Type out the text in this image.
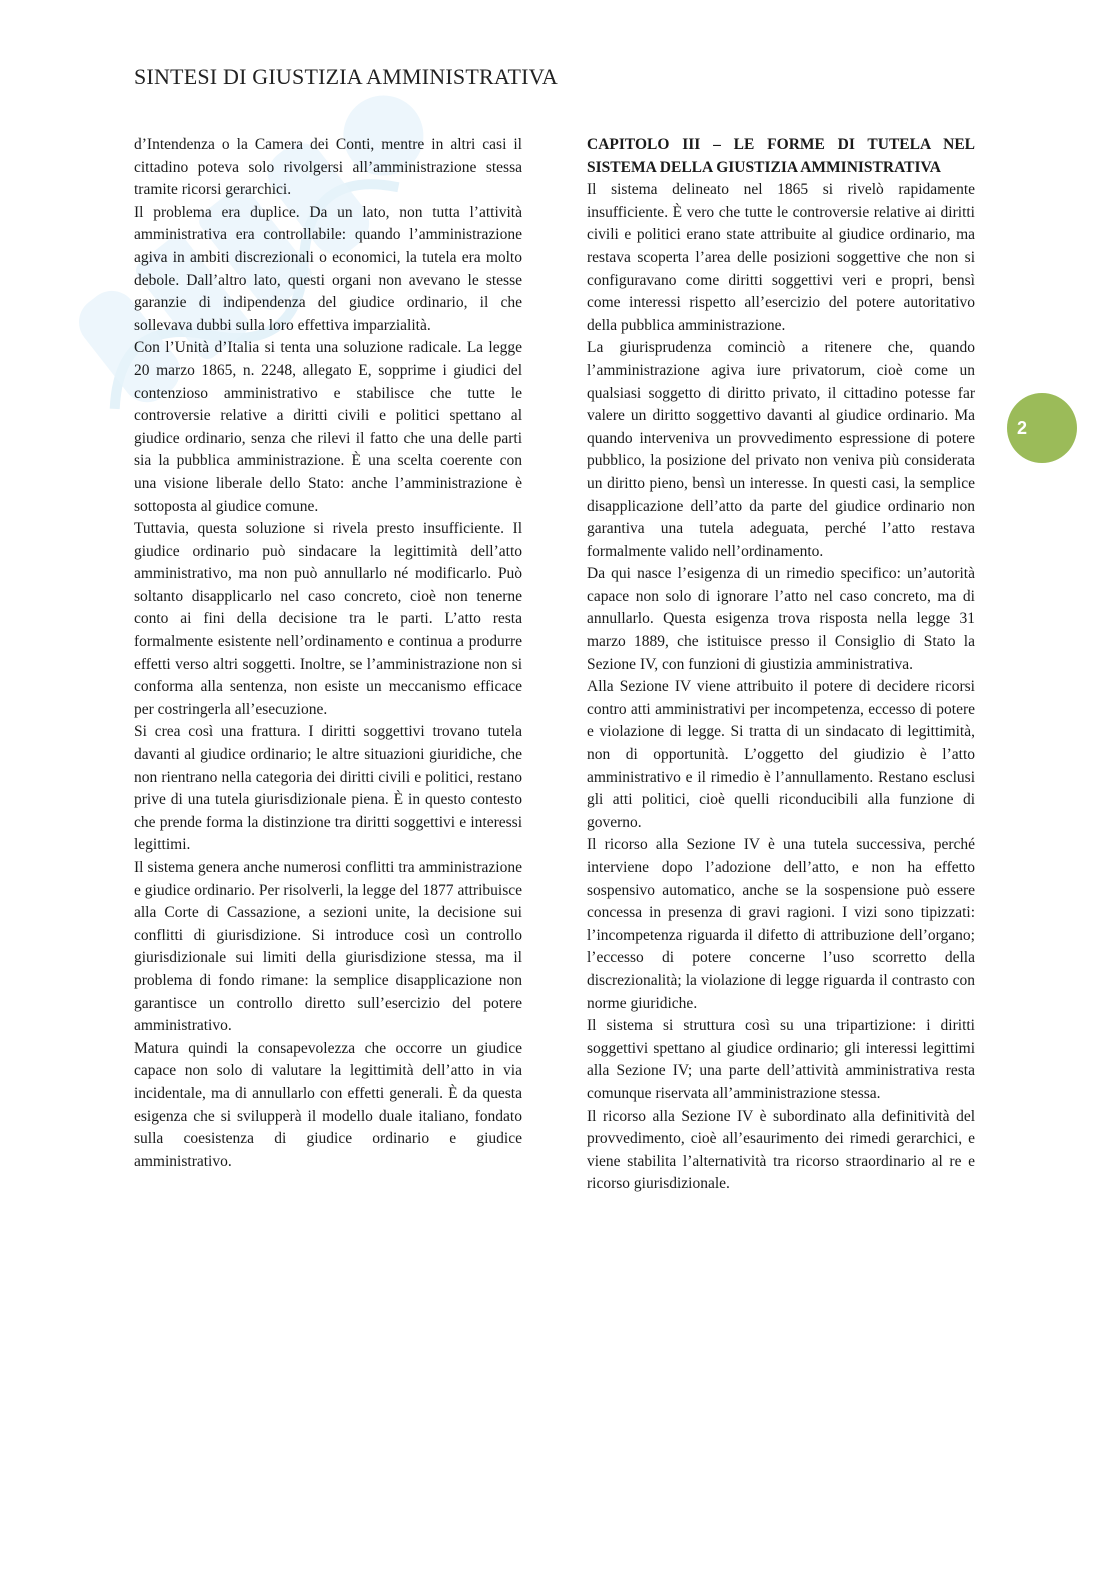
SINTESI DI GIUSTIZIA AMMINISTRATIVA

d’Intendenza o la Camera dei Conti, mentre in altri casi il cittadino poteva solo rivolgersi all’amministrazione stessa tramite ricorsi gerarchici.

Il problema era duplice. Da un lato, non tutta l’attività amministrativa era controllabile: quando l’amministrazione agiva in ambiti discrezionali o economici, la tutela era molto debole. Dall’altro lato, questi organi non avevano le stesse garanzie di indipendenza del giudice ordinario, il che sollevava dubbi sulla loro effettiva imparzialità.

Con l’Unità d’Italia si tenta una soluzione radicale. La legge 20 marzo 1865, n. 2248, allegato E, sopprime i giudici del contenzioso amministrativo e stabilisce che tutte le controversie relative a diritti civili e politici spettano al giudice ordinario, senza che rilevi il fatto che una delle parti sia la pubblica amministrazione. È una scelta coerente con una visione liberale dello Stato: anche l’amministrazione è sottoposta al giudice comune.

Tuttavia, questa soluzione si rivela presto insufficiente. Il giudice ordinario può sindacare la legittimità dell’atto amministrativo, ma non può annullarlo né modificarlo. Può soltanto disapplicarlo nel caso concreto, cioè non tenerne conto ai fini della decisione tra le parti. L’atto resta formalmente esistente nell’ordinamento e continua a produrre effetti verso altri soggetti. Inoltre, se l’amministrazione non si conforma alla sentenza, non esiste un meccanismo efficace per costringerla all’esecuzione.

Si crea così una frattura. I diritti soggettivi trovano tutela davanti al giudice ordinario; le altre situazioni giuridiche, che non rientrano nella categoria dei diritti civili e politici, restano prive di una tutela giurisdizionale piena. È in questo contesto che prende forma la distinzione tra diritti soggettivi e interessi legittimi.

Il sistema genera anche numerosi conflitti tra amministrazione e giudice ordinario. Per risolverli, la legge del 1877 attribuisce alla Corte di Cassazione, a sezioni unite, la decisione sui conflitti di giurisdizione. Si introduce così un controllo giurisdizionale sui limiti della giurisdizione stessa, ma il problema di fondo rimane: la semplice disapplicazione non garantisce un controllo diretto sull’esercizio del potere amministrativo.

Matura quindi la consapevolezza che occorre un giudice capace non solo di valutare la legittimità dell’atto in via incidentale, ma di annullarlo con effetti generali. È da questa esigenza che si svilupperà il modello duale italiano, fondato sulla coesistenza di giudice ordinario e giudice amministrativo.

CAPITOLO III – LE FORME DI TUTELA NEL SISTEMA DELLA GIUSTIZIA AMMINISTRATIVA

Il sistema delineato nel 1865 si rivelò rapidamente insufficiente. È vero che tutte le controversie relative ai diritti civili e politici erano state attribuite al giudice ordinario, ma restava scoperta l’area delle posizioni soggettive che non si configuravano come diritti soggettivi veri e propri, bensì come interessi rispetto all’esercizio del potere autoritativo della pubblica amministrazione.

La giurisprudenza cominciò a ritenere che, quando l’amministrazione agiva iure privatorum, cioè come un qualsiasi soggetto di diritto privato, il cittadino potesse far valere un diritto soggettivo davanti al giudice ordinario. Ma quando interveniva un provvedimento espressione di potere pubblico, la posizione del privato non veniva più considerata un diritto pieno, bensì un interesse. In questi casi, la semplice disapplicazione dell’atto da parte del giudice ordinario non garantiva una tutela adeguata, perché l’atto restava formalmente valido nell’ordinamento.

Da qui nasce l’esigenza di un rimedio specifico: un’autorità capace non solo di ignorare l’atto nel caso concreto, ma di annullarlo. Questa esigenza trova risposta nella legge 31 marzo 1889, che istituisce presso il Consiglio di Stato la Sezione IV, con funzioni di giustizia amministrativa.

Alla Sezione IV viene attribuito il potere di decidere ricorsi contro atti amministrativi per incompetenza, eccesso di potere e violazione di legge. Si tratta di un sindacato di legittimità, non di opportunità. L’oggetto del giudizio è l’atto amministrativo e il rimedio è l’annullamento. Restano esclusi gli atti politici, cioè quelli riconducibili alla funzione di governo.

Il ricorso alla Sezione IV è una tutela successiva, perché interviene dopo l’adozione dell’atto, e non ha effetto sospensivo automatico, anche se la sospensione può essere concessa in presenza di gravi ragioni. I vizi sono tipizzati: l’incompetenza riguarda il difetto di attribuzione dell’organo; l’eccesso di potere concerne l’uso scorretto della discrezionalità; la violazione di legge riguarda il contrasto con norme giuridiche.

Il sistema si struttura così su una tripartizione: i diritti soggettivi spettano al giudice ordinario; gli interessi legittimi alla Sezione IV; una parte dell’attività amministrativa resta comunque riservata all’amministrazione stessa.

Il ricorso alla Sezione IV è subordinato alla definitività del provvedimento, cioè all’esaurimento dei rimedi gerarchici, e viene stabilita l’alternatività tra ricorso straordinario al re e ricorso giurisdizionale.

2
